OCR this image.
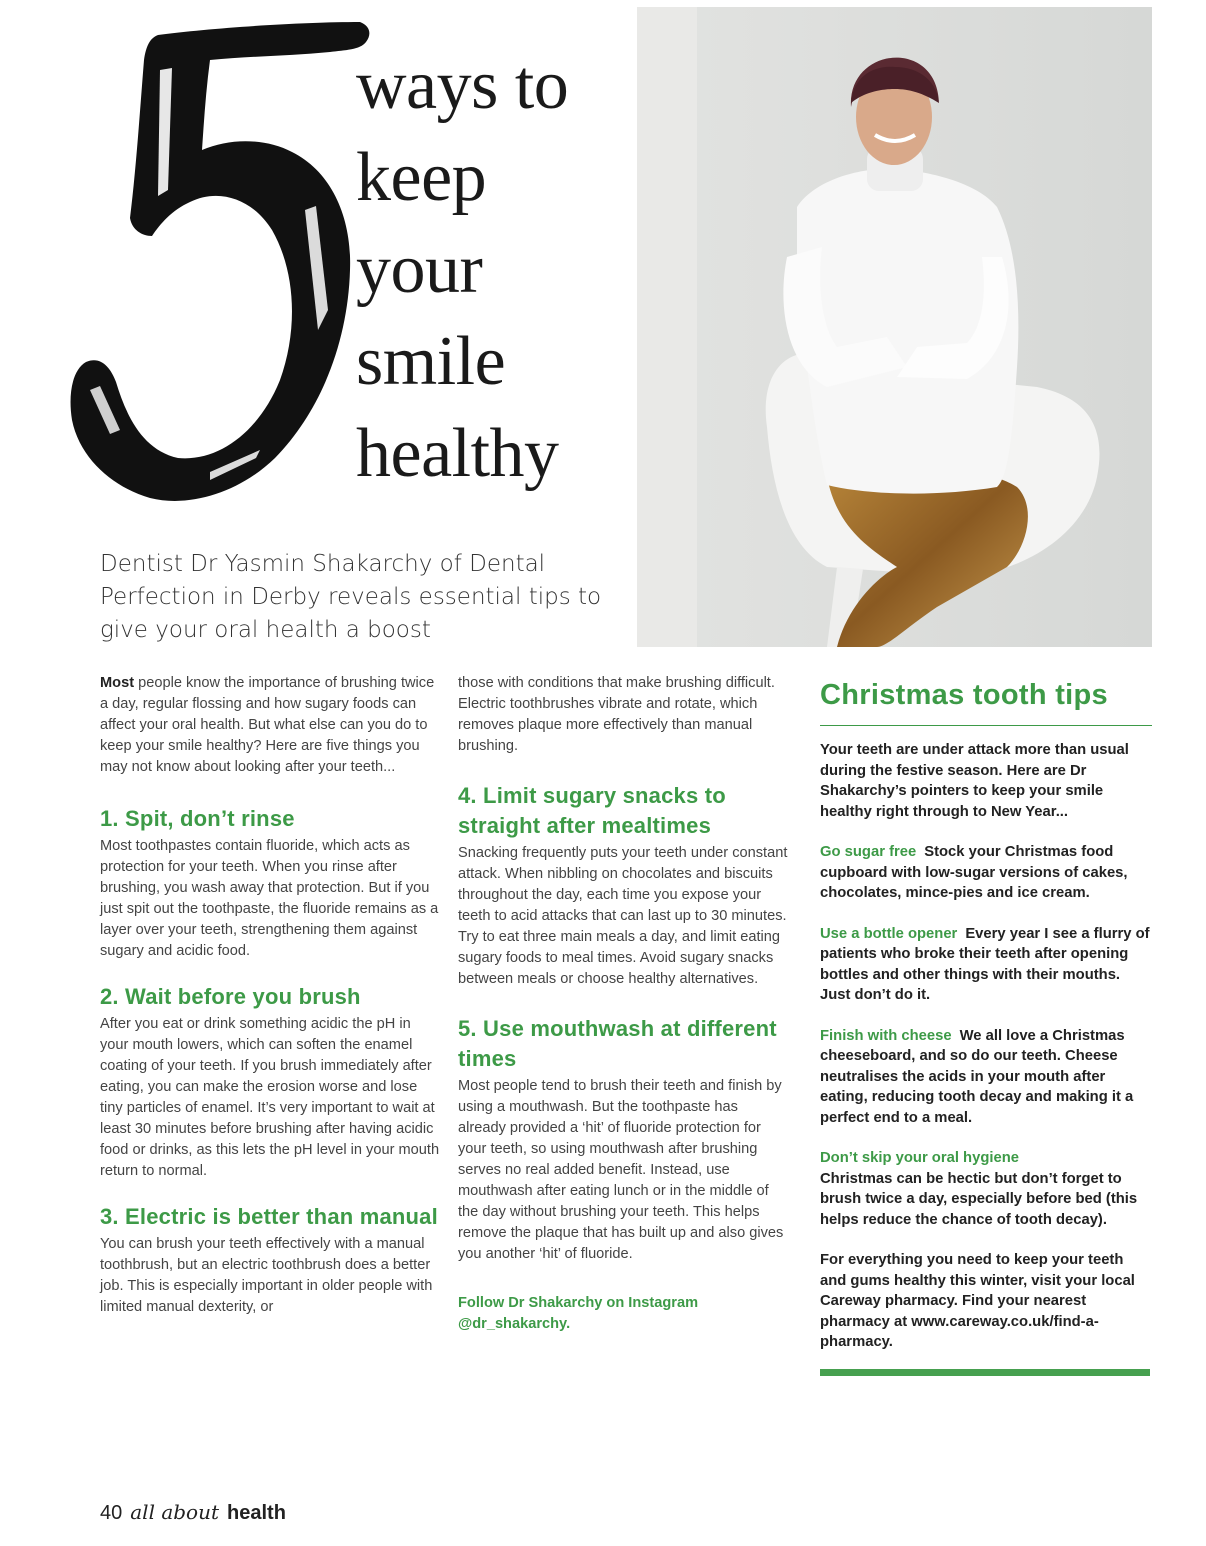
ways to
keep
your
smile
healthy
Dentist Dr Yasmin Shakarchy of Dental Perfection in Derby reveals essential tips to give your oral health a boost

Most people know the importance of brushing twice a day, regular flossing and how sugary foods can affect your oral health. But what else can you do to keep your smile healthy? Here are five things you may not know about looking after your teeth...

1. Spit, don’t rinse

Most toothpastes contain fluoride, which acts as protection for your teeth. When you rinse after brushing, you wash away that protection. But if you just spit out the toothpaste, the fluoride remains as a layer over your teeth, strengthening them against sugary and acidic food.

2. Wait before you brush

After you eat or drink something acidic the pH in your mouth lowers, which can soften the enamel coating of your teeth. If you brush immediately after eating, you can make the erosion worse and lose tiny particles of enamel. It’s very important to wait at least 30 minutes before brushing after having acidic food or drinks, as this lets the pH level in your mouth return to normal.

3. Electric is better than manual

You can brush your teeth effectively with a manual toothbrush, but an electric toothbrush does a better job. This is especially important in older people with limited manual dexterity, or

those with conditions that make brushing difficult. Electric toothbrushes vibrate and rotate, which removes plaque more effectively than manual brushing.

4. Limit sugary snacks to straight after mealtimes

Snacking frequently puts your teeth under constant attack. When nibbling on chocolates and biscuits throughout the day, each time you expose your teeth to acid attacks that can last up to 30 minutes. Try to eat three main meals a day, and limit eating sugary foods to meal times. Avoid sugary snacks between meals or choose healthy alternatives.

5. Use mouthwash at different times

Most people tend to brush their teeth and finish by using a mouthwash. But the toothpaste has already provided a ‘hit’ of fluoride protection for your teeth, so using mouthwash after brushing serves no real added benefit. Instead, use mouthwash after eating lunch or in the middle of the day without brushing your teeth. This helps remove the plaque that has built up and also gives you another ‘hit’ of fluoride.

Follow Dr Shakarchy on Instagram @dr_shakarchy.

Christmas tooth tips

Your teeth are under attack more than usual during the festive season. Here are Dr Shakarchy’s pointers to keep your smile healthy right through to New Year...

Go sugar free Stock your Christmas food cupboard with low-sugar versions of cakes, chocolates, mince-pies and ice cream.

Use a bottle opener Every year I see a flurry of patients who broke their teeth after opening bottles and other things with their mouths. Just don’t do it.

Finish with cheese We all love a Christmas cheeseboard, and so do our teeth. Cheese neutralises the acids in your mouth after eating, reducing tooth decay and making it a perfect end to a meal.

Don’t skip your oral hygiene
Christmas can be hectic but don’t forget to brush twice a day, especially before bed (this helps reduce the chance of tooth decay).

For everything you need to keep your teeth and gums healthy this winter, visit your local Careway pharmacy. Find your nearest pharmacy at www.careway.co.uk/find-a-pharmacy.

40 all about health
